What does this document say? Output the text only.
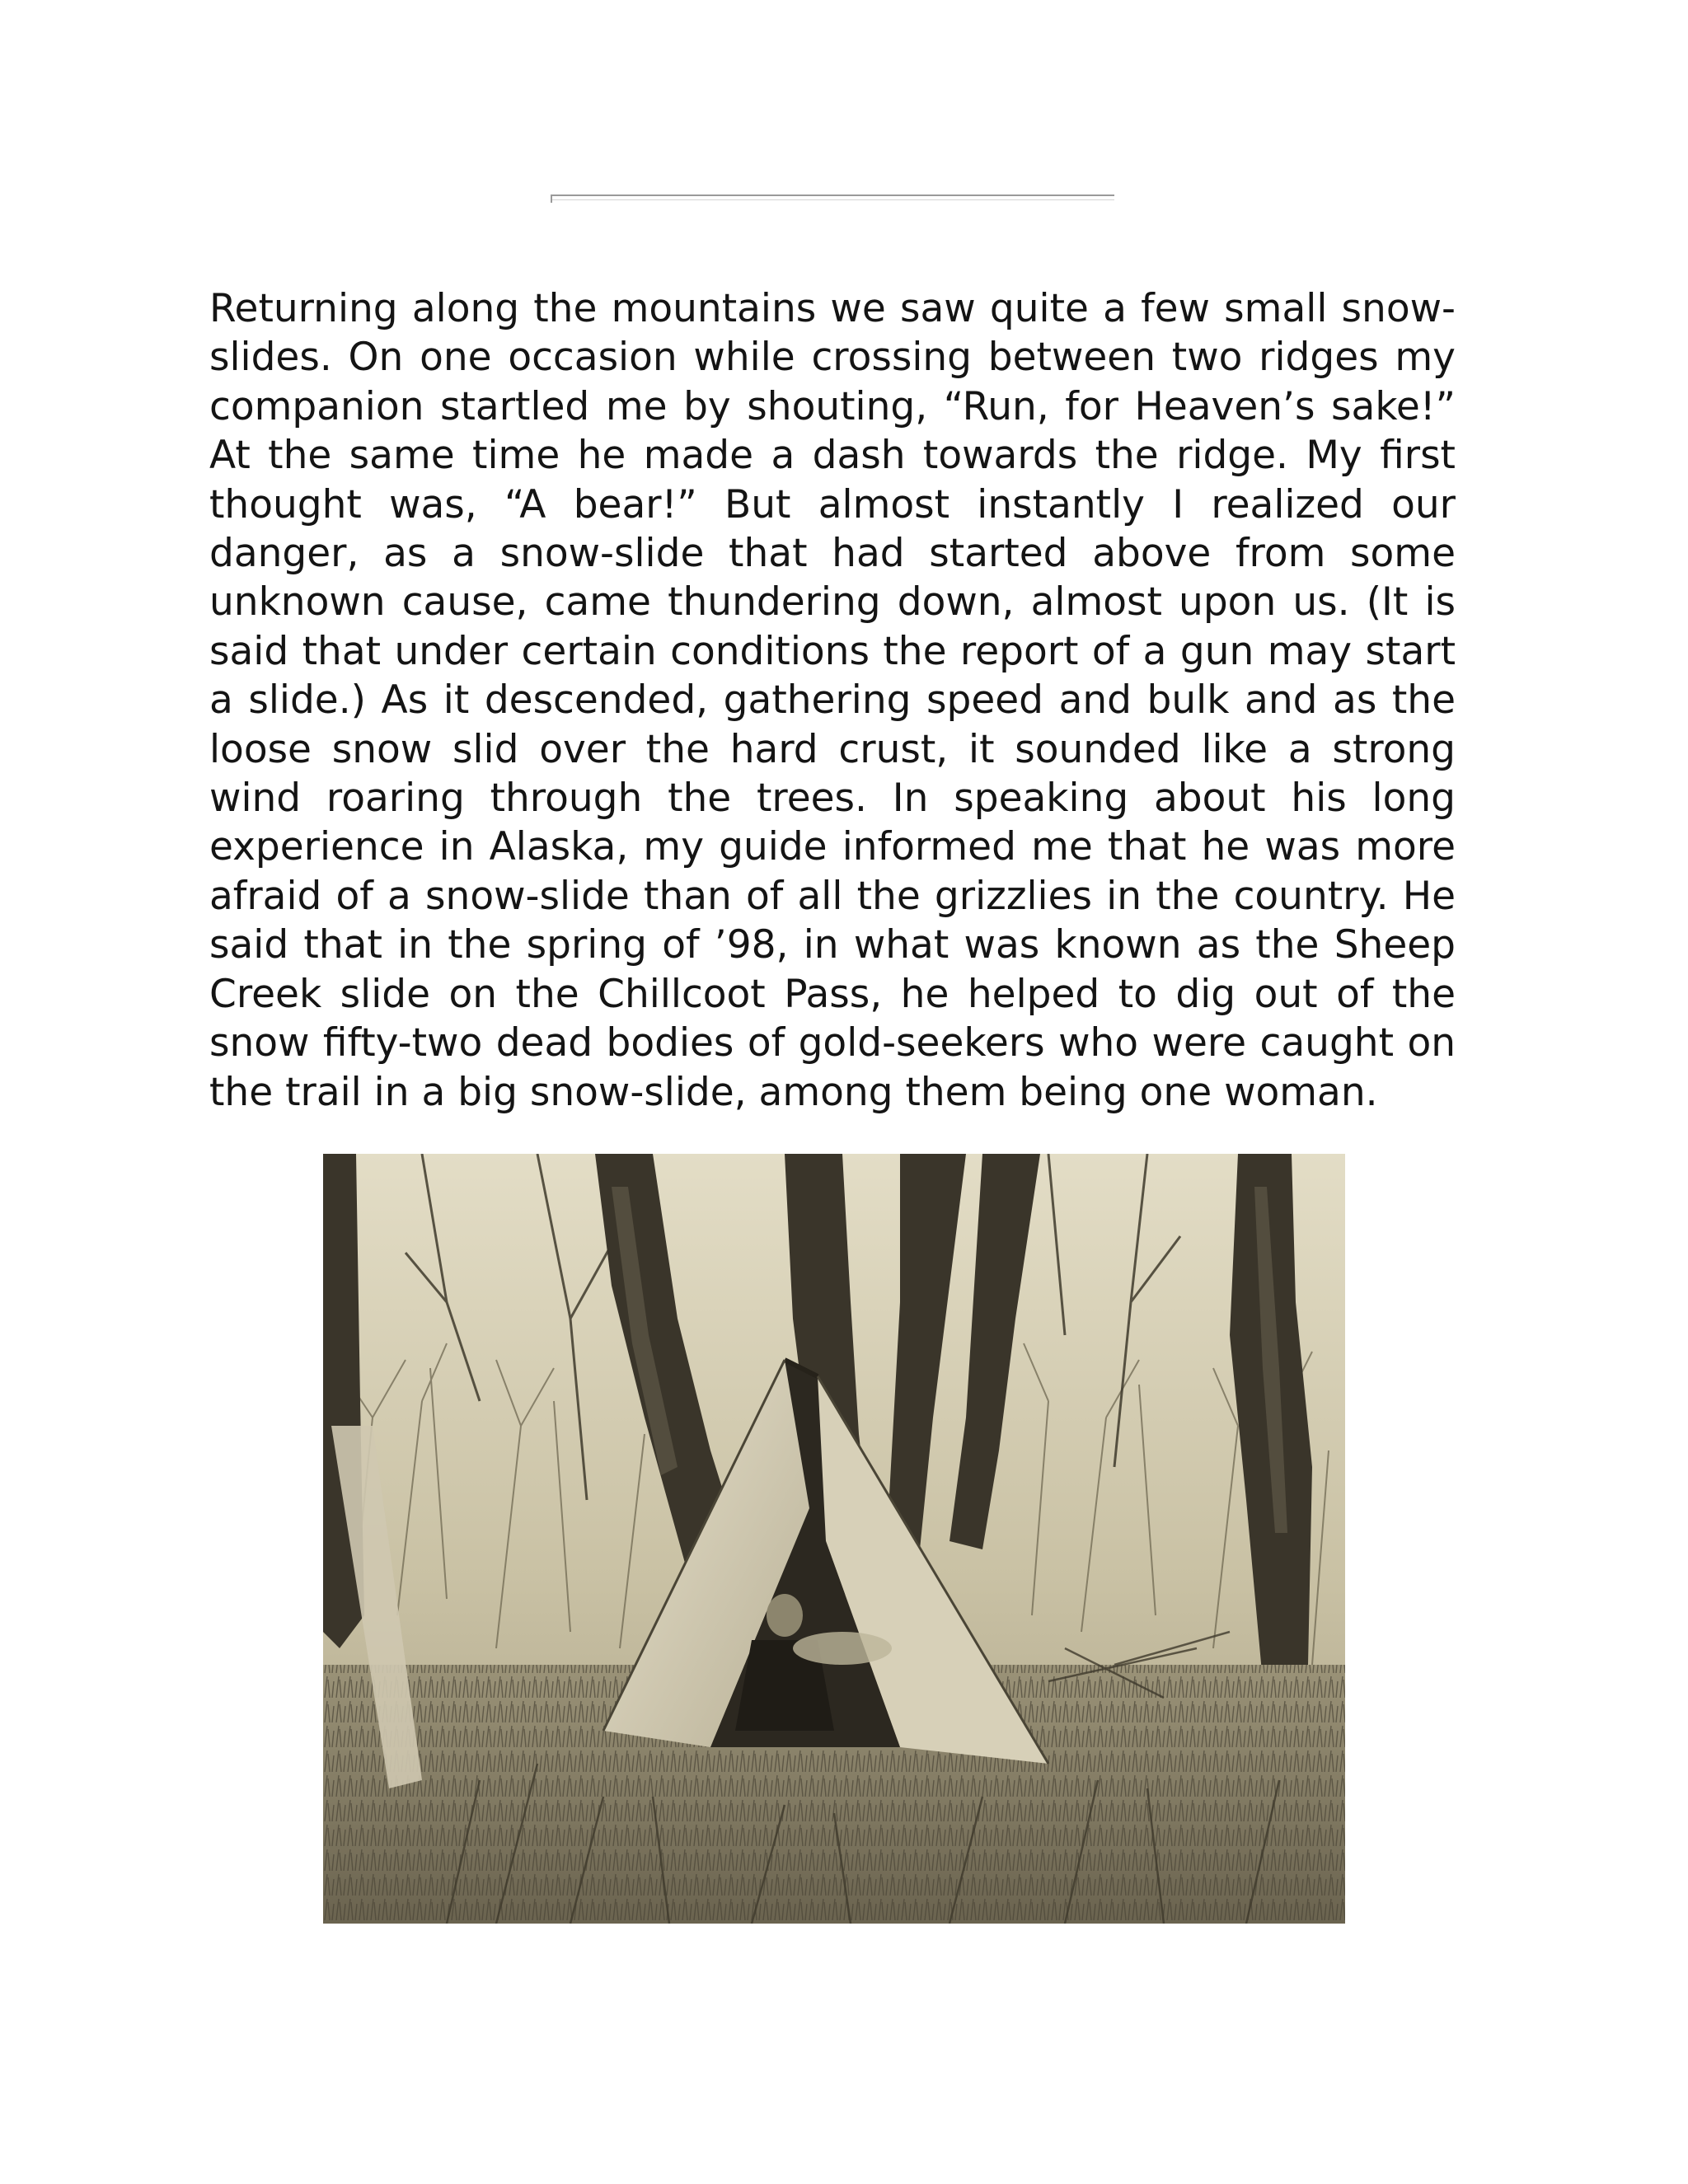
Returning along the mountains we saw quite a few small snow-slides. On one occasion while crossing between two ridges my companion startled me by shouting, “Run, for Heaven’s sake!” At the same time he made a dash towards the ridge. My first thought was, “A bear!” But almost instantly I realized our danger, as a snow-slide that had started above from some unknown cause, came thundering down, almost upon us. (It is said that under certain conditions the report of a gun may start a slide.) As it descended, gathering speed and bulk and as the loose snow slid over the hard crust, it sounded like a strong wind roaring through the trees. In speaking about his long experience in Alaska, my guide informed me that he was more afraid of a snow-slide than of all the grizzlies in the country. He said that in the spring of ’98, in what was known as the Sheep Creek slide on the Chillcoot Pass, he helped to dig out of the snow fifty-two dead bodies of gold-seekers who were caught on the trail in a big snow-slide, among them being one woman.
